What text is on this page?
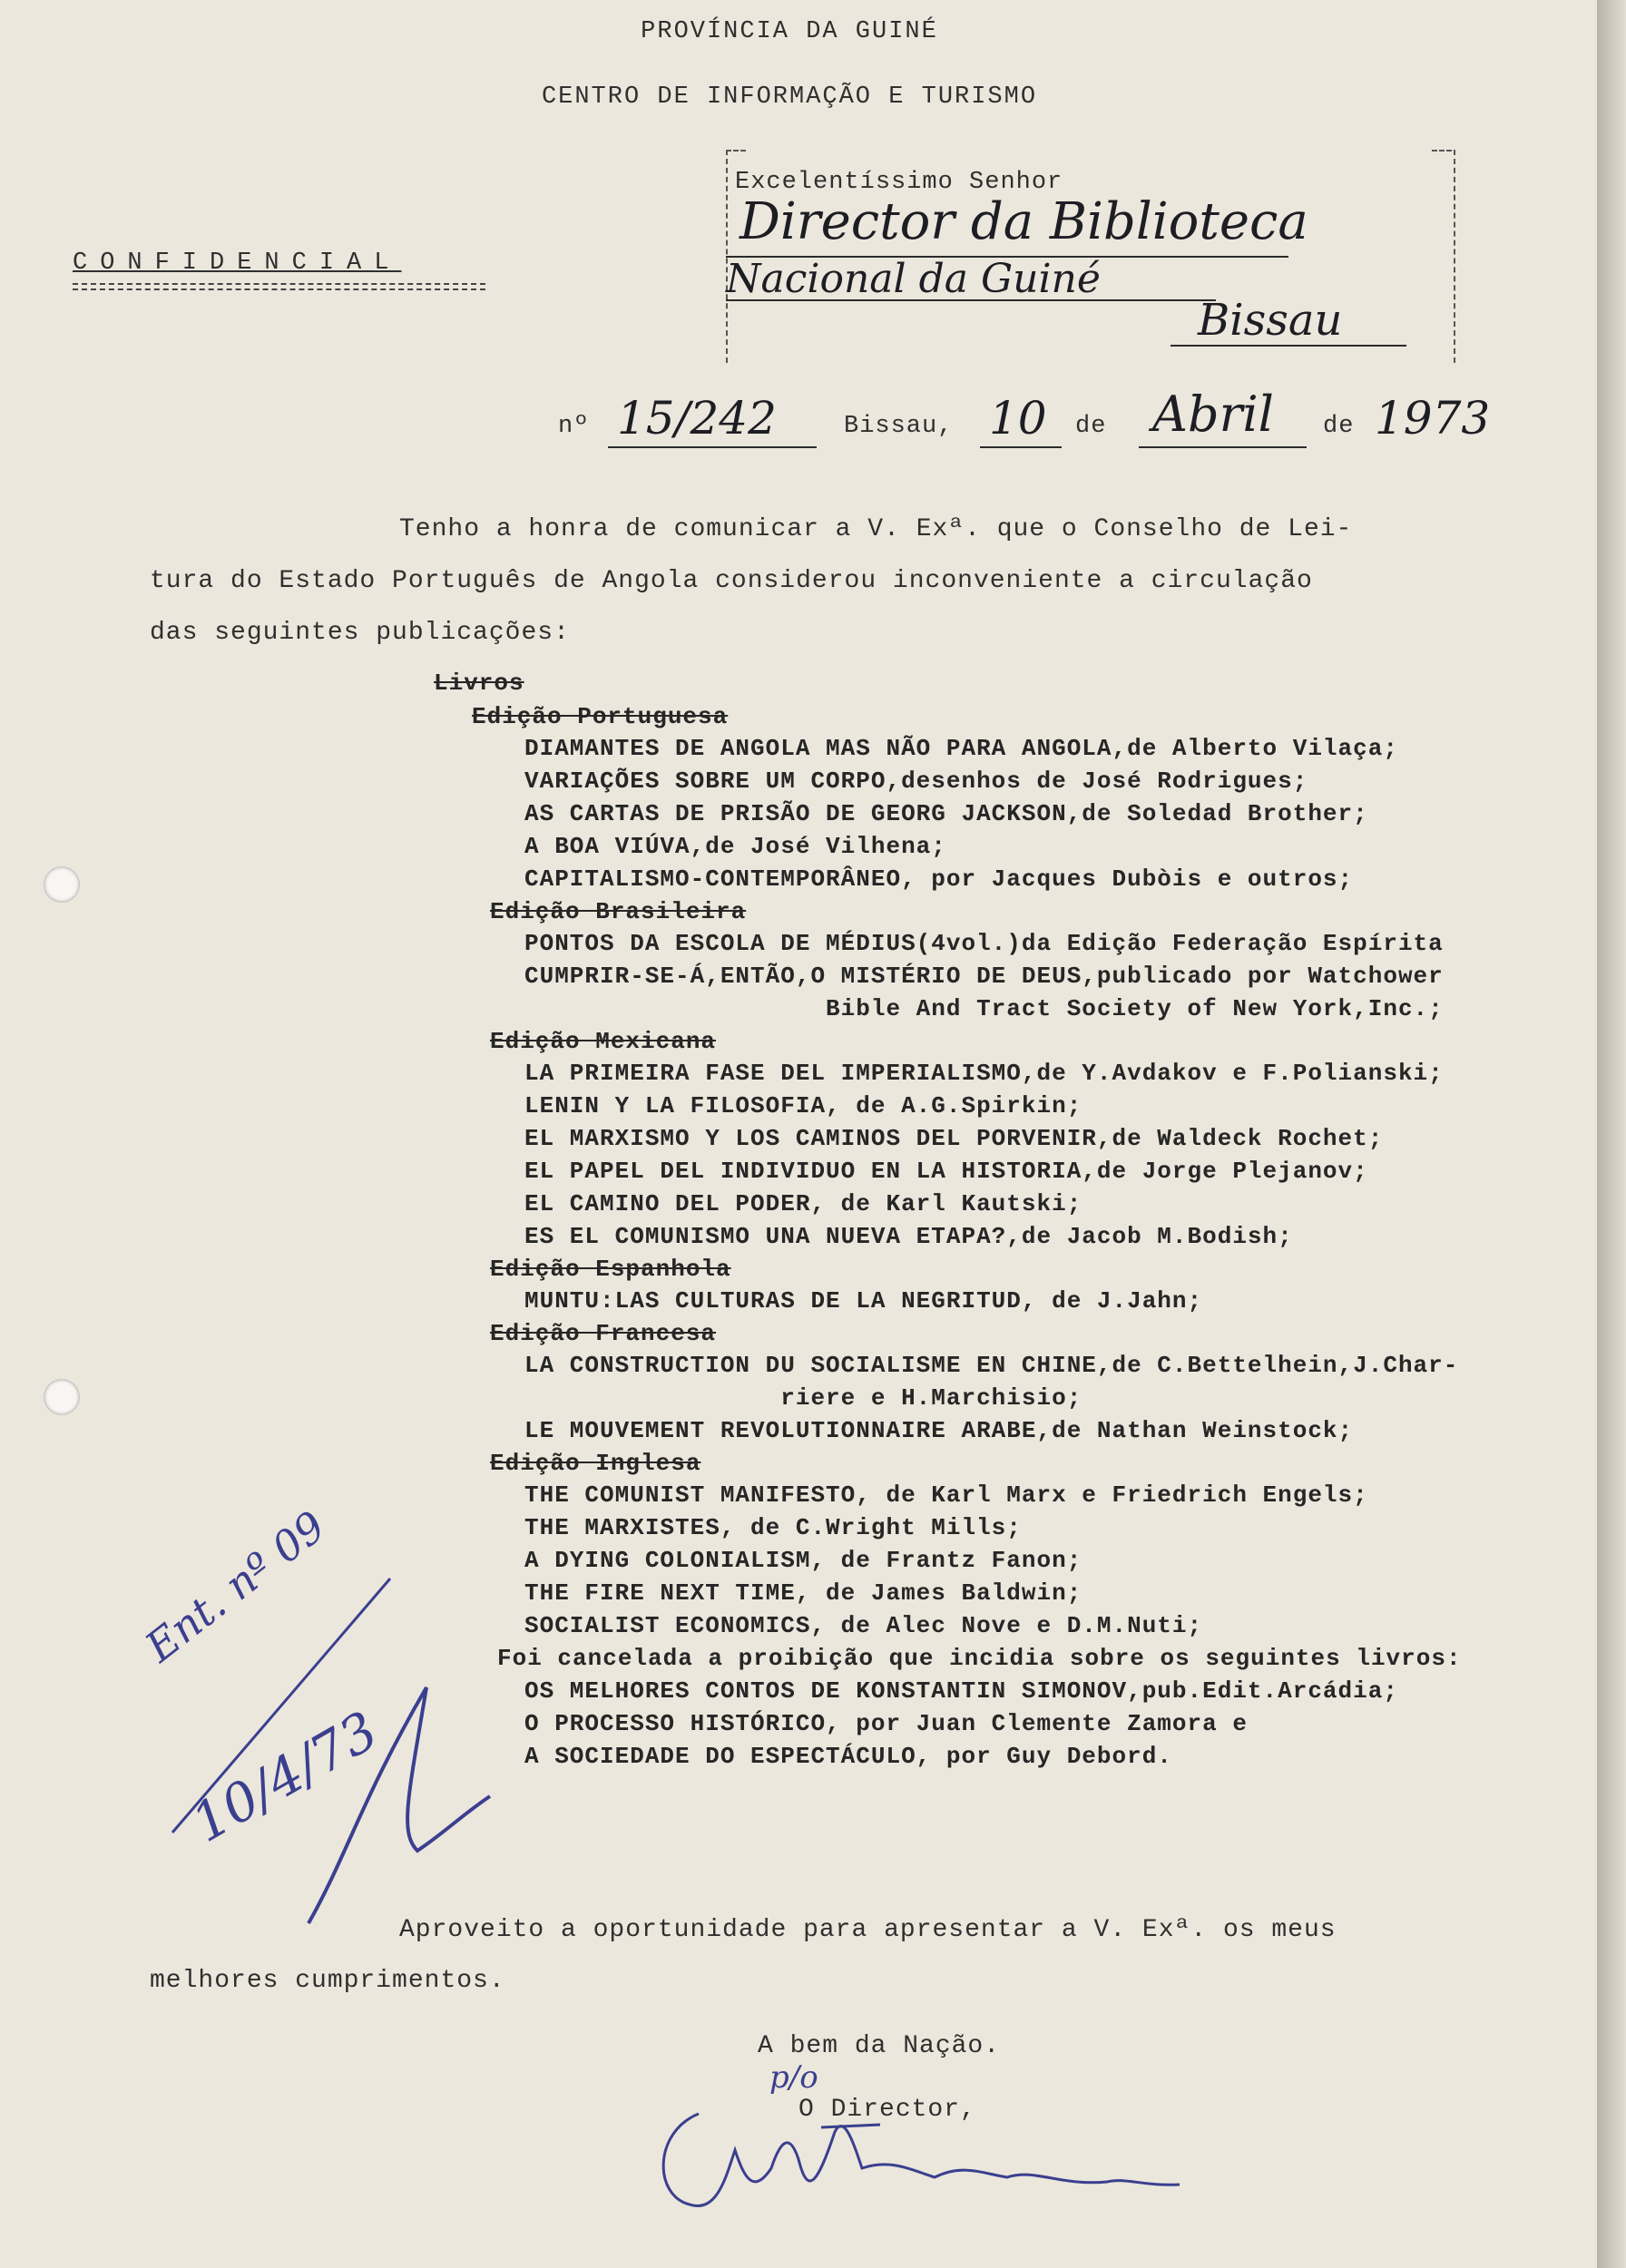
PROVÍNCIA DA GUINÉ
CENTRO DE INFORMAÇÃO E TURISMO
CONFIDENCIAL
Excelentíssimo Senhor
Director da Biblioteca
Nacional da Guiné
Bissau
nº 15/242	Bissau, 10 de Abril de 1973
Tenho a honra de comunicar a V. Exª. que o Conselho de Lei-
tura do Estado Português de Angola considerou inconveniente a circulação
das seguintes publicações:
Livros
Edição Portuguesa
DIAMANTES DE ANGOLA MAS NÃO PARA ANGOLA,de Alberto Vilaça;
VARIAÇÕES SOBRE UM CORPO,desenhos de José Rodrigues;
AS CARTAS DE PRISÃO DE GEORG JACKSON,de Soledad Brother;
A BOA VIÚVA,de José Vilhena;
CAPITALISMO-CONTEMPORÂNEO, por Jacques Dubòis e outros;
Edição Brasileira
PONTOS DA ESCOLA DE MÉDIUS(4vol.)da Edição Federação Espírita
CUMPRIR-SE-Á,ENTÃO,O MISTÉRIO DE DEUS,publicado por Watchower
Bible And Tract Society of New York,Inc.;
Edição Mexicana
LA PRIMEIRA FASE DEL IMPERIALISMO,de Y.Avdakov e F.Polianski;
LENIN Y LA FILOSOFIA, de A.G.Spirkin;
EL MARXISMO Y LOS CAMINOS DEL PORVENIR,de Waldeck Rochet;
EL PAPEL DEL INDIVIDUO EN LA HISTORIA,de Jorge Plejanov;
EL CAMINO DEL PODER, de Karl Kautski;
ES EL COMUNISMO UNA NUEVA ETAPA?,de Jacob M.Bodish;
Edição Espanhola
MUNTU:LAS CULTURAS DE LA NEGRITUD, de J.Jahn;
Edição Francesa
LA CONSTRUCTION DU SOCIALISME EN CHINE,de C.Bettelhein,J.Char-
riere e H.Marchisio;
LE MOUVEMENT REVOLUTIONNAIRE ARABE,de Nathan Weinstock;
Edição Inglesa
THE COMUNIST MANIFESTO, de Karl Marx e Friedrich Engels;
THE MARXISTES, de C.Wright Mills;
A DYING COLONIALISM, de Frantz Fanon;
THE FIRE NEXT TIME, de James Baldwin;
SOCIALIST ECONOMICS, de Alec Nove e D.M.Nuti;
Foi cancelada a proibição que incidia sobre os seguintes livros:
OS MELHORES CONTOS DE KONSTANTIN SIMONOV,pub.Edit.Arcádia;
O PROCESSO HISTÓRICO, por Juan Clemente Zamora e
A SOCIEDADE DO ESPECTÁCULO, por Guy Debord.
Ent. nº 09
10/4/73
Aproveito a oportunidade para apresentar a V. Exª. os meus
melhores cumprimentos.
A bem da Nação.
p/o
O Director,
